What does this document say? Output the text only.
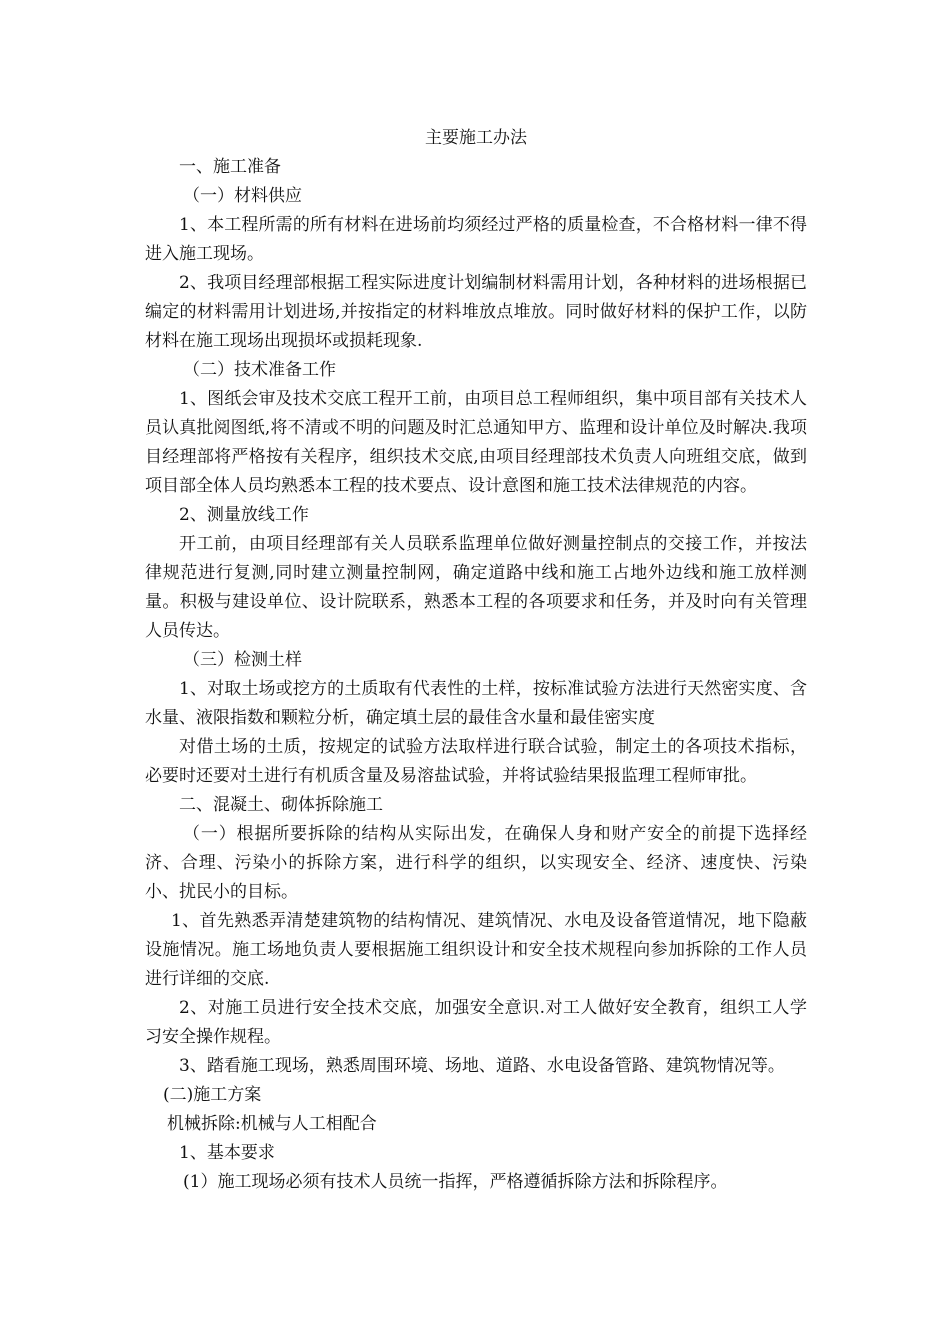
主要施工办法

一、施工准备

（一）材料供应

1、本工程所需的所有材料在进场前均须经过严格的质量检查，不合格材料一律不得进入施工现场。

2、我项目经理部根据工程实际进度计划编制材料需用计划，各种材料的进场根据已编定的材料需用计划进场,并按指定的材料堆放点堆放。同时做好材料的保护工作，以防材料在施工现场出现损坏或损耗现象.

（二）技术准备工作

1、图纸会审及技术交底工程开工前，由项目总工程师组织，集中项目部有关技术人员认真批阅图纸,将不清或不明的问题及时汇总通知甲方、监理和设计单位及时解决.我项目经理部将严格按有关程序，组织技术交底,由项目经理部技术负责人向班组交底，做到项目部全体人员均熟悉本工程的技术要点、设计意图和施工技术法律规范的内容。

2、测量放线工作

开工前，由项目经理部有关人员联系监理单位做好测量控制点的交接工作，并按法律规范进行复测,同时建立测量控制网，确定道路中线和施工占地外边线和施工放样测量。积极与建设单位、设计院联系，熟悉本工程的各项要求和任务，并及时向有关管理人员传达。

（三）检测土样

1、对取土场或挖方的土质取有代表性的土样，按标准试验方法进行天然密实度、含水量、液限指数和颗粒分析，确定填土层的最佳含水量和最佳密实度

对借土场的土质，按规定的试验方法取样进行联合试验，制定土的各项技术指标，必要时还要对土进行有机质含量及易溶盐试验，并将试验结果报监理工程师审批。

二、混凝土、砌体拆除施工

（一）根据所要拆除的结构从实际出发，在确保人身和财产安全的前提下选择经济、合理、污染小的拆除方案，进行科学的组织，以实现安全、经济、速度快、污染小、扰民小的目标。

1、首先熟悉弄清楚建筑物的结构情况、建筑情况、水电及设备管道情况，地下隐蔽设施情况。施工场地负责人要根据施工组织设计和安全技术规程向参加拆除的工作人员进行详细的交底.

2、对施工员进行安全技术交底，加强安全意识.对工人做好安全教育，组织工人学习安全操作规程。

3、踏看施工现场，熟悉周围环境、场地、道路、水电设备管路、建筑物情况等。

(二)施工方案

机械拆除:机械与人工相配合

1、基本要求

(1）施工现场必须有技术人员统一指挥，严格遵循拆除方法和拆除程序。
